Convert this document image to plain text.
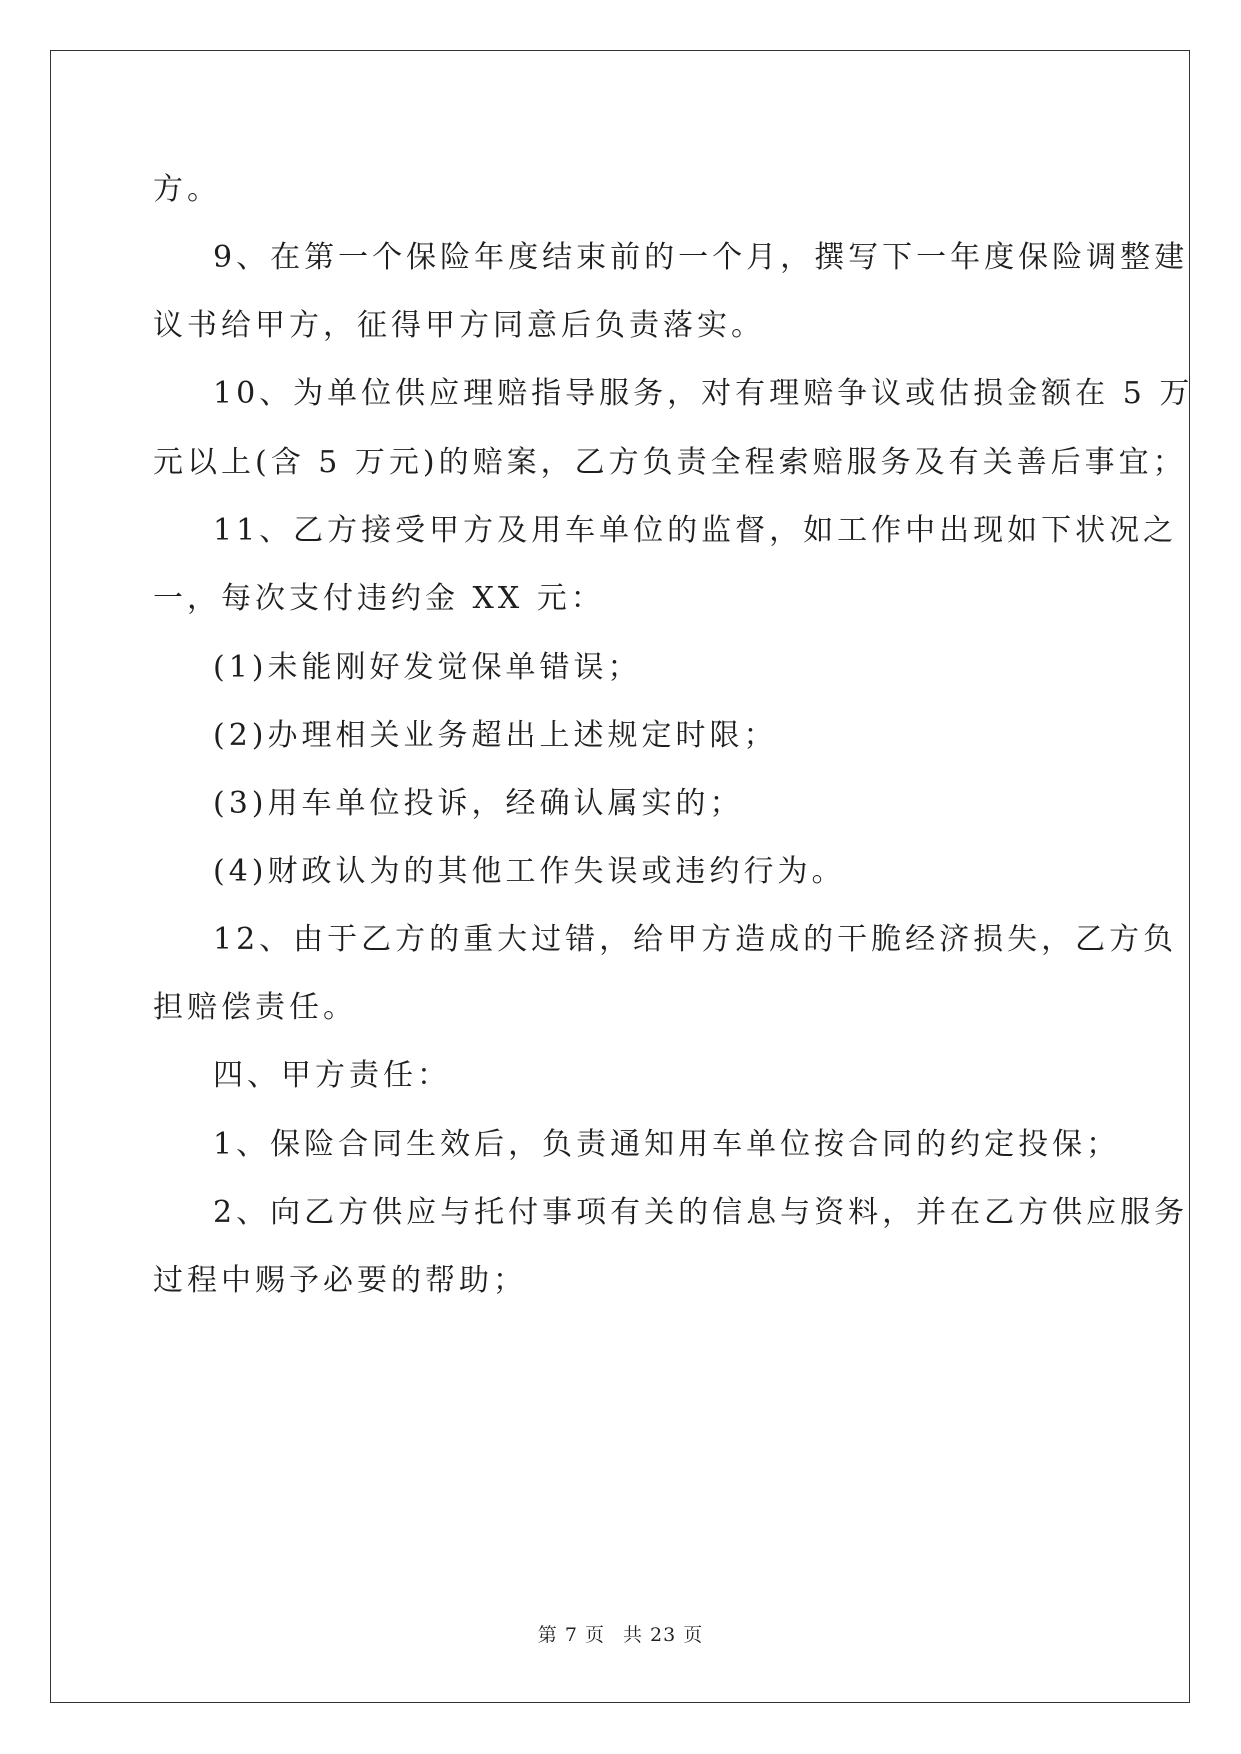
方。
9、在第一个保险年度结束前的一个月，撰写下一年度保险调整建
议书给甲方，征得甲方同意后负责落实。
10、为单位供应理赔指导服务，对有理赔争议或估损金额在 5 万
元以上(含 5 万元)的赔案，乙方负责全程索赔服务及有关善后事宜；
11、乙方接受甲方及用车单位的监督，如工作中出现如下状况之
一，每次支付违约金 XX 元：
(1)未能刚好发觉保单错误；
(2)办理相关业务超出上述规定时限；
(3)用车单位投诉，经确认属实的；
(4)财政认为的其他工作失误或违约行为。
12、由于乙方的重大过错，给甲方造成的干脆经济损失，乙方负
担赔偿责任。
四、甲方责任：
1、保险合同生效后，负责通知用车单位按合同的约定投保；
2、向乙方供应与托付事项有关的信息与资料，并在乙方供应服务
过程中赐予必要的帮助；
第 7 页 共 23 页
